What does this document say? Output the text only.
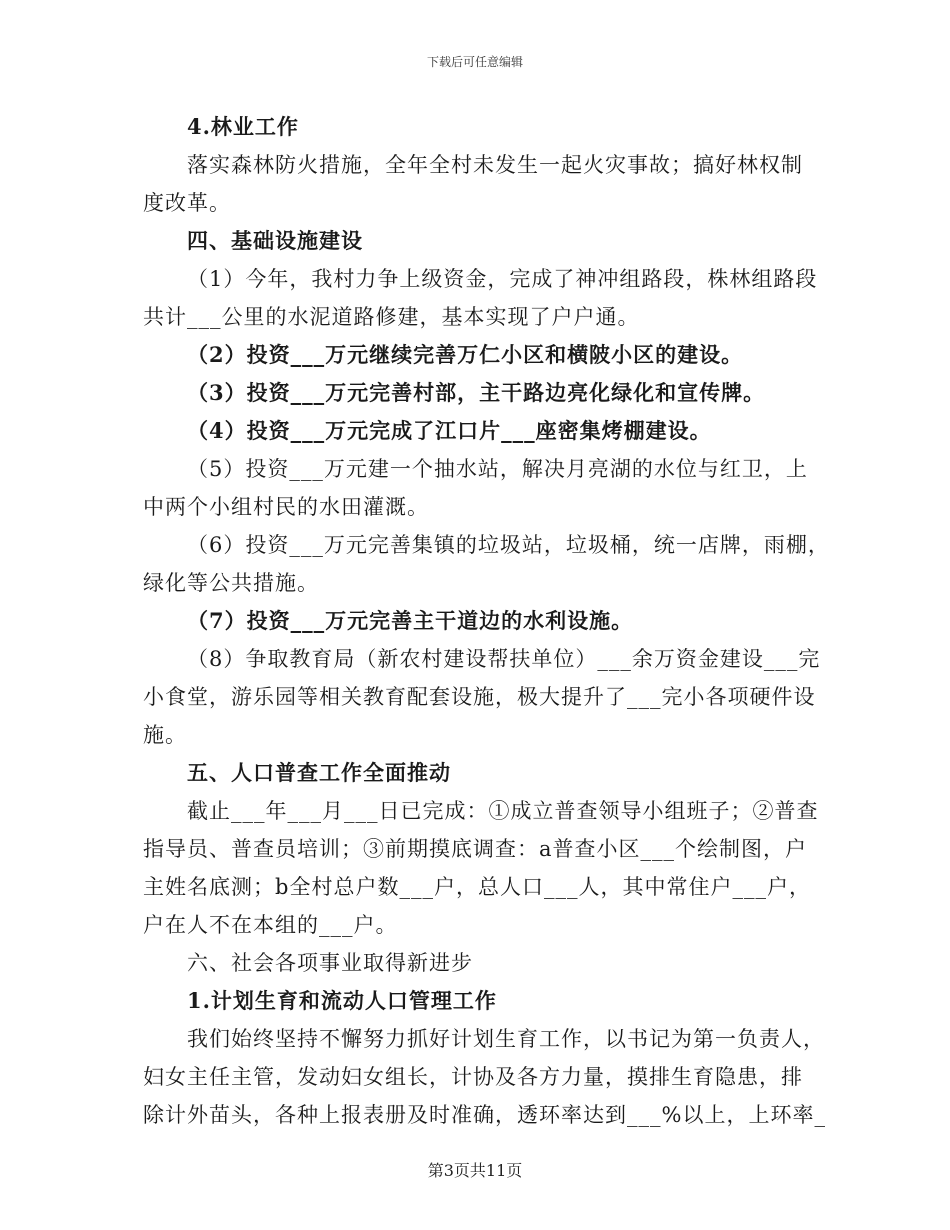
下载后可任意编辑
4.林业工作
落实森林防火措施，全年全村未发生一起火灾事故；搞好林权制
度改革。
四、基础设施建设
（1）今年，我村力争上级资金，完成了神冲组路段，株林组路段
共计___公里的水泥道路修建，基本实现了户户通。
（2）投资___万元继续完善万仁小区和横陂小区的建设。
（3）投资___万元完善村部，主干路边亮化绿化和宣传牌。
（4）投资___万元完成了江口片___座密集烤棚建设。
（5）投资___万元建一个抽水站，解决月亮湖的水位与红卫，上
中两个小组村民的水田灌溉。
（6）投资___万元完善集镇的垃圾站，垃圾桶，统一店牌，雨棚，
绿化等公共措施。
（7）投资___万元完善主干道边的水利设施。
（8）争取教育局（新农村建设帮扶单位）___余万资金建设___完
小食堂，游乐园等相关教育配套设施，极大提升了___完小各项硬件设
施。
五、人口普查工作全面推动
截止___年___月___日已完成：①成立普查领导小组班子；②普查
指导员、普查员培训；③前期摸底调查：a普查小区___个绘制图，户
主姓名底测；b全村总户数___户，总人口___人，其中常住户___户，
户在人不在本组的___户。
六、社会各项事业取得新进步
1.计划生育和流动人口管理工作
我们始终坚持不懈努力抓好计划生育工作，以书记为第一负责人，
妇女主任主管，发动妇女组长，计协及各方力量，摸排生育隐患，排
除计外苗头，各种上报表册及时准确，透环率达到___%以上，上环率_
第3页共11页
